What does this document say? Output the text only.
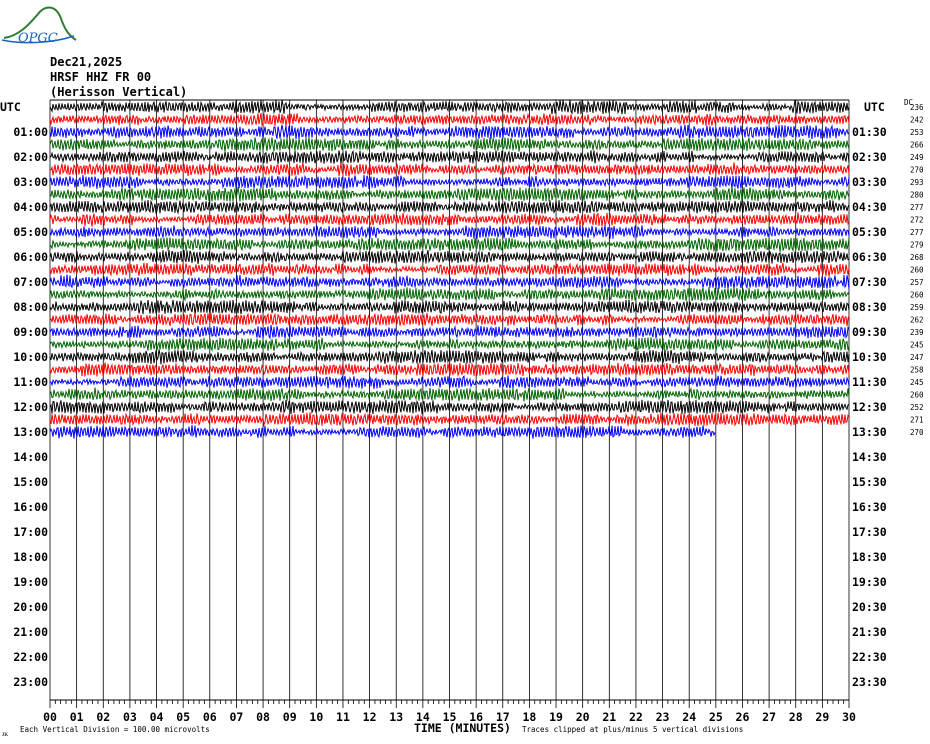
OPGC
Dec21,2025
HRSF HHZ FR 00
(Herisson Vertical)
00 01 02 03 04 05 06 07 08 09 10 11 12 13 14 15 16 17 18 19 20 21 22 23 24 25 26 27 28 29 30
01:00	01:30
02:00	02:30
03:00	03:30
04:00	04:30
05:00	05:30
06:00	06:30
07:00	07:30
08:00	08:30
09:00	09:30
10:00	10:30
11:00	11:30
12:00	12:30
13:00	13:30
14:00	14:30
15:00	15:30
16:00	16:30
17:00	17:30
18:00	18:30
19:00	19:30
20:00	20:30
21:00	21:30
22:00	22:30
23:00	23:30
236
242
253
266
249
270
293
280
277
272
277
279
268
260
257
260
259
262
239
245
247
258
245
260
252
271
270
UTC	UTC	DC
TIME (MINUTES)
Each Vertical Division = 100.00 microvolts	Traces clipped at plus/minus 5 vertical divisions
ᴊᴋ
